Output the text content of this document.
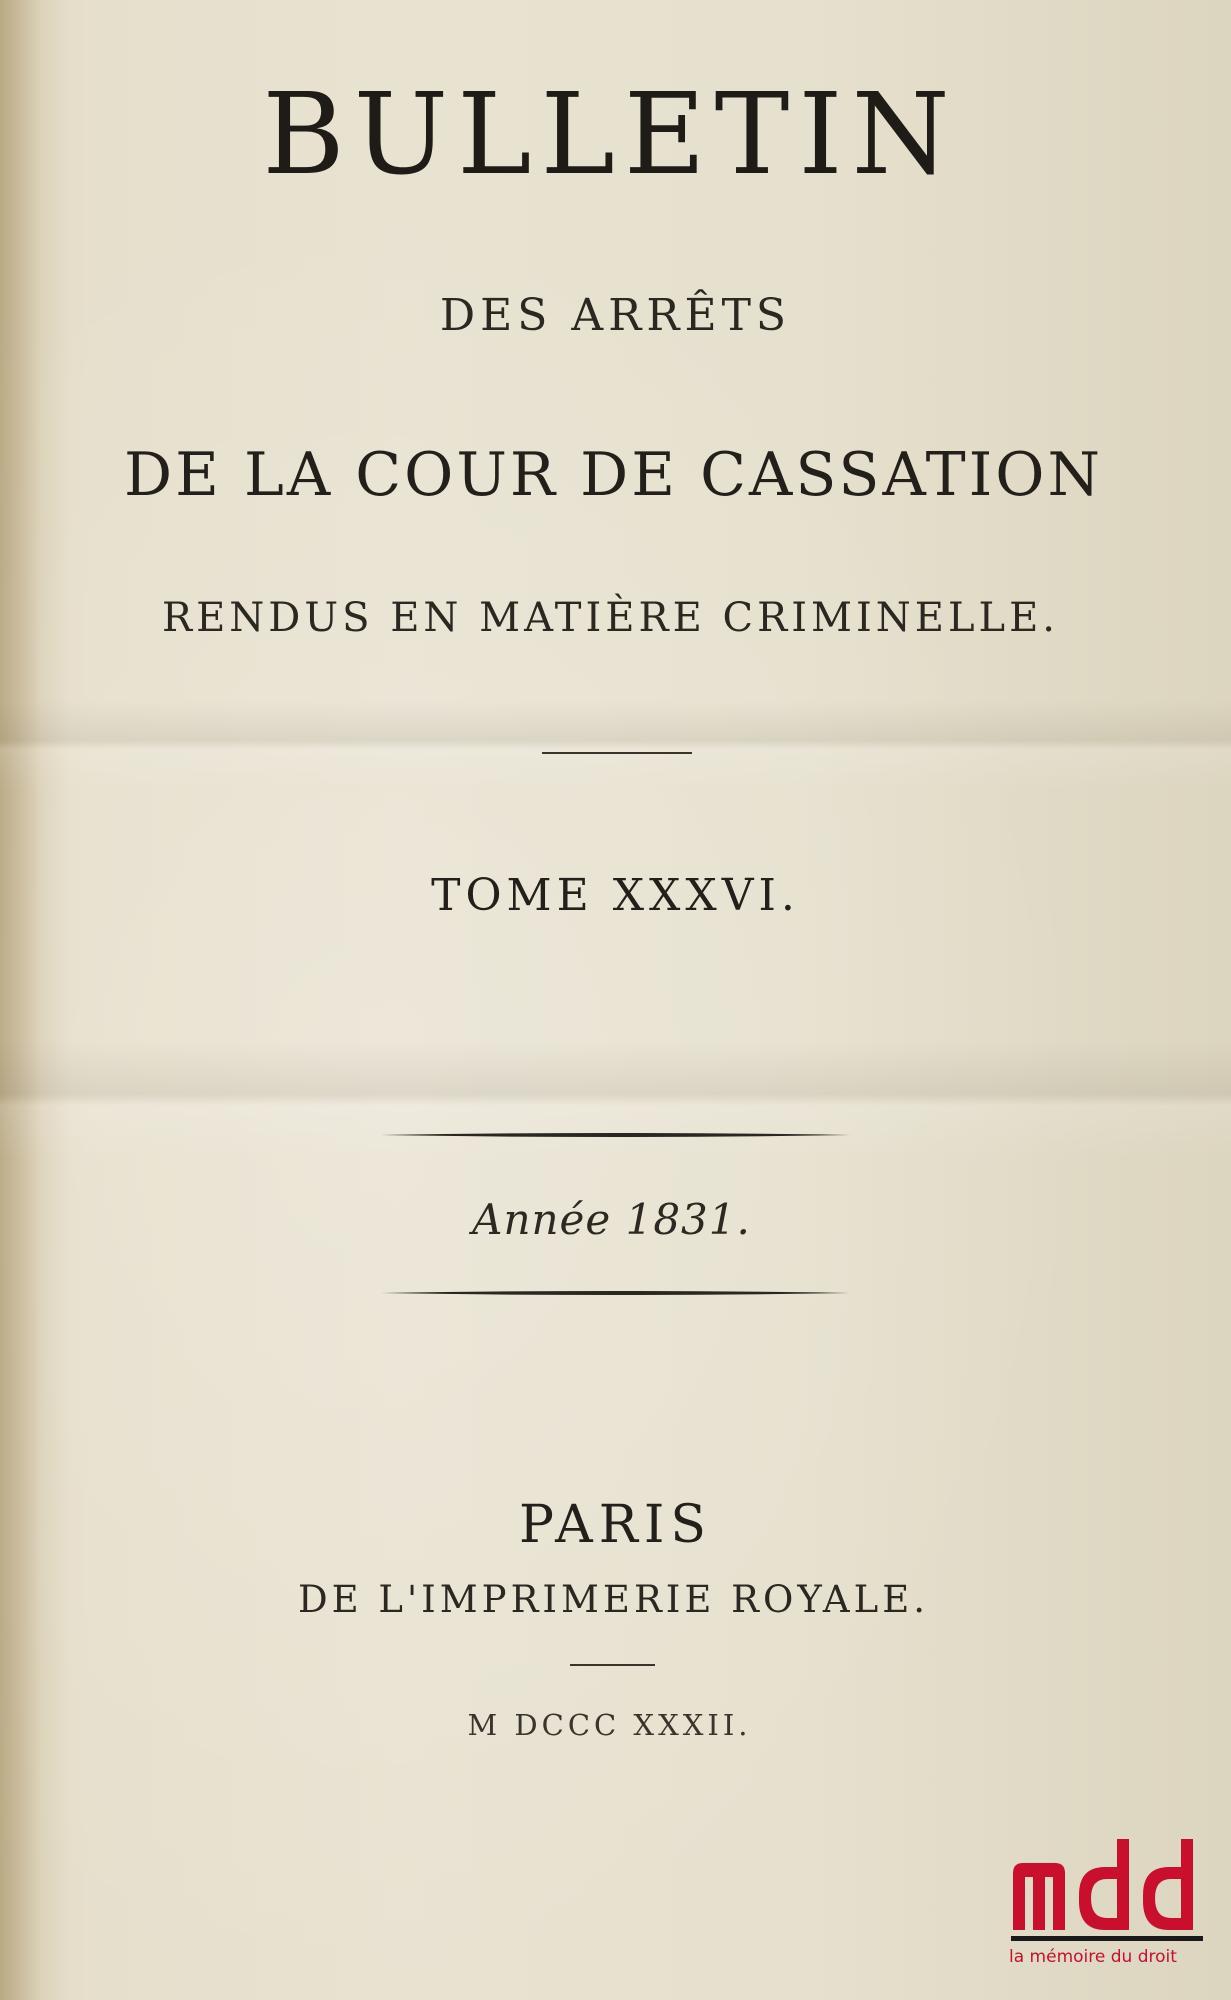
BULLETIN
DES ARRÊTS
DE LA COUR DE CASSATION
RENDUS EN MATIÈRE CRIMINELLE.
TOME XXXVI.
Année 1831.
PARIS
DE L'IMPRIMERIE ROYALE.
M DCCC XXXII.
la mémoire du droit
